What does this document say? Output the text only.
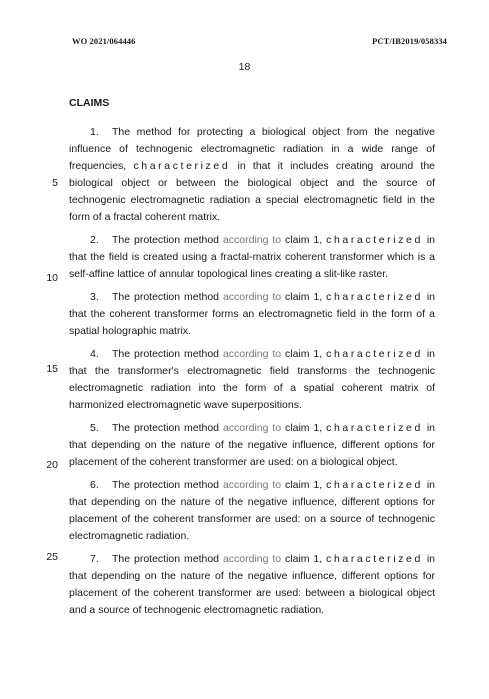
WO 2021/064446	PCT/IB2019/058334
18
CLAIMS
5
10
15
20
25

1. The method for protecting a biological object from the negative influence of technogenic electromagnetic radiation in a wide range of frequencies, characterized in that it includes creating around the biological object or between the biological object and the source of technogenic electromagnetic radiation a special electromagnetic field in the form of a fractal coherent matrix.

2. The protection method according to claim 1, characterized in that the field is created using a fractal-matrix coherent transformer which is a self-affine lattice of annular topological lines creating a slit-like raster.

3. The protection method according to claim 1, characterized in that the coherent transformer forms an electromagnetic field in the form of a spatial holographic matrix.

4. The protection method according to claim 1, characterized in that the transformer's electromagnetic field transforms the technogenic electromagnetic radiation into the form of a spatial coherent matrix of harmonized electromagnetic wave superpositions.

5. The protection method according to claim 1, characterized in that depending on the nature of the negative influence, different options for placement of the coherent transformer are used: on a biological object.

6. The protection method according to claim 1, characterized in that depending on the nature of the negative influence, different options for placement of the coherent transformer are used: on a source of technogenic electromagnetic radiation.

7. The protection method according to claim 1, characterized in that depending on the nature of the negative influence, different options for placement of the coherent transformer are used: between a biological object and a source of technogenic electromagnetic radiation.
